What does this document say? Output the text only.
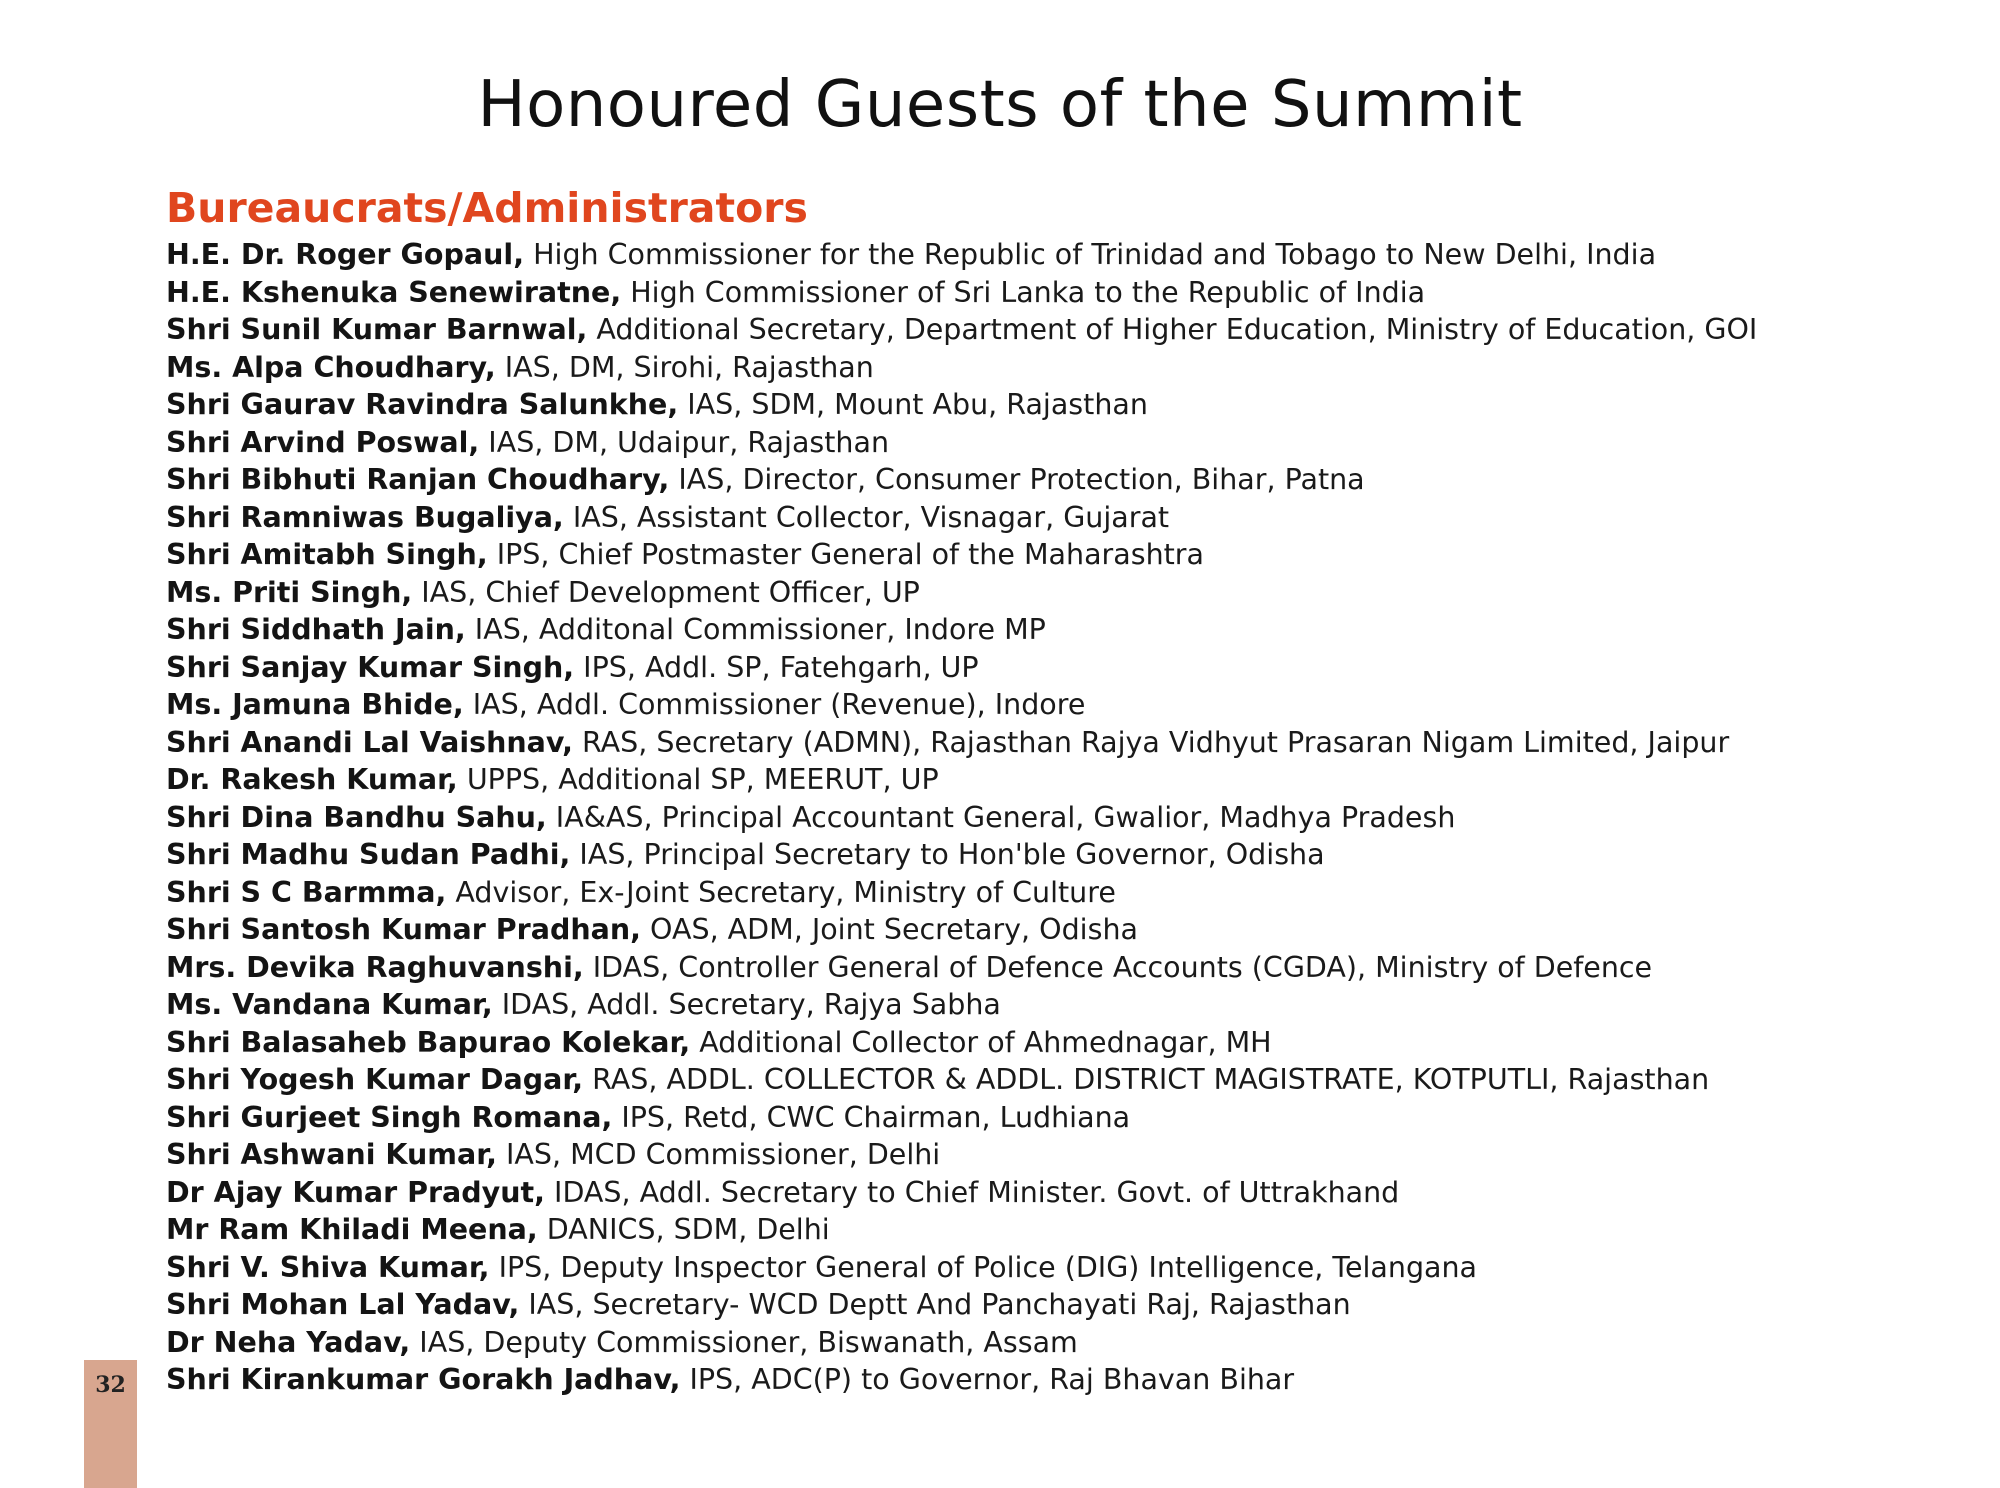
Honoured Guests of the Summit
Bureaucrats/Administrators
H.E. Dr. Roger Gopaul, High Commissioner for the Republic of Trinidad and Tobago to New Delhi, India
H.E. Kshenuka Senewiratne, High Commissioner of Sri Lanka to the Republic of India
Shri Sunil Kumar Barnwal, Additional Secretary, Department of Higher Education, Ministry of Education, GOI
Ms. Alpa Choudhary, IAS, DM, Sirohi, Rajasthan
Shri Gaurav Ravindra Salunkhe, IAS, SDM, Mount Abu, Rajasthan
Shri Arvind Poswal, IAS, DM, Udaipur, Rajasthan
Shri Bibhuti Ranjan Choudhary, IAS, Director, Consumer Protection, Bihar, Patna
Shri Ramniwas Bugaliya, IAS, Assistant Collector, Visnagar, Gujarat
Shri Amitabh Singh, IPS, Chief Postmaster General of the Maharashtra
Ms. Priti Singh, IAS, Chief Development Officer, UP
Shri Siddhath Jain, IAS, Additonal Commissioner, Indore MP
Shri Sanjay Kumar Singh, IPS, Addl. SP, Fatehgarh, UP
Ms. Jamuna Bhide, IAS, Addl. Commissioner (Revenue), Indore
Shri Anandi Lal Vaishnav, RAS, Secretary (ADMN), Rajasthan Rajya Vidhyut Prasaran Nigam Limited, Jaipur
Dr. Rakesh Kumar, UPPS, Additional SP, MEERUT, UP
Shri Dina Bandhu Sahu, IA&AS, Principal Accountant General, Gwalior, Madhya Pradesh
Shri Madhu Sudan Padhi, IAS, Principal Secretary to Hon'ble Governor, Odisha
Shri S C Barmma, Advisor, Ex-Joint Secretary, Ministry of Culture
Shri Santosh Kumar Pradhan, OAS, ADM, Joint Secretary, Odisha
Mrs. Devika Raghuvanshi, IDAS, Controller General of Defence Accounts (CGDA), Ministry of Defence
Ms. Vandana Kumar, IDAS, Addl. Secretary, Rajya Sabha
Shri Balasaheb Bapurao Kolekar, Additional Collector of Ahmednagar, MH
Shri Yogesh Kumar Dagar, RAS, ADDL. COLLECTOR & ADDL. DISTRICT MAGISTRATE, KOTPUTLI, Rajasthan
Shri Gurjeet Singh Romana, IPS, Retd, CWC Chairman, Ludhiana
Shri Ashwani Kumar, IAS, MCD Commissioner, Delhi
Dr Ajay Kumar Pradyut, IDAS, Addl. Secretary to Chief Minister. Govt. of Uttrakhand
Mr Ram Khiladi Meena, DANICS, SDM, Delhi
Shri V. Shiva Kumar, IPS, Deputy Inspector General of Police (DIG) Intelligence, Telangana
Shri Mohan Lal Yadav, IAS, Secretary- WCD Deptt And Panchayati Raj, Rajasthan
Dr Neha Yadav, IAS, Deputy Commissioner, Biswanath, Assam
Shri Kirankumar Gorakh Jadhav, IPS, ADC(P) to Governor, Raj Bhavan Bihar
32
